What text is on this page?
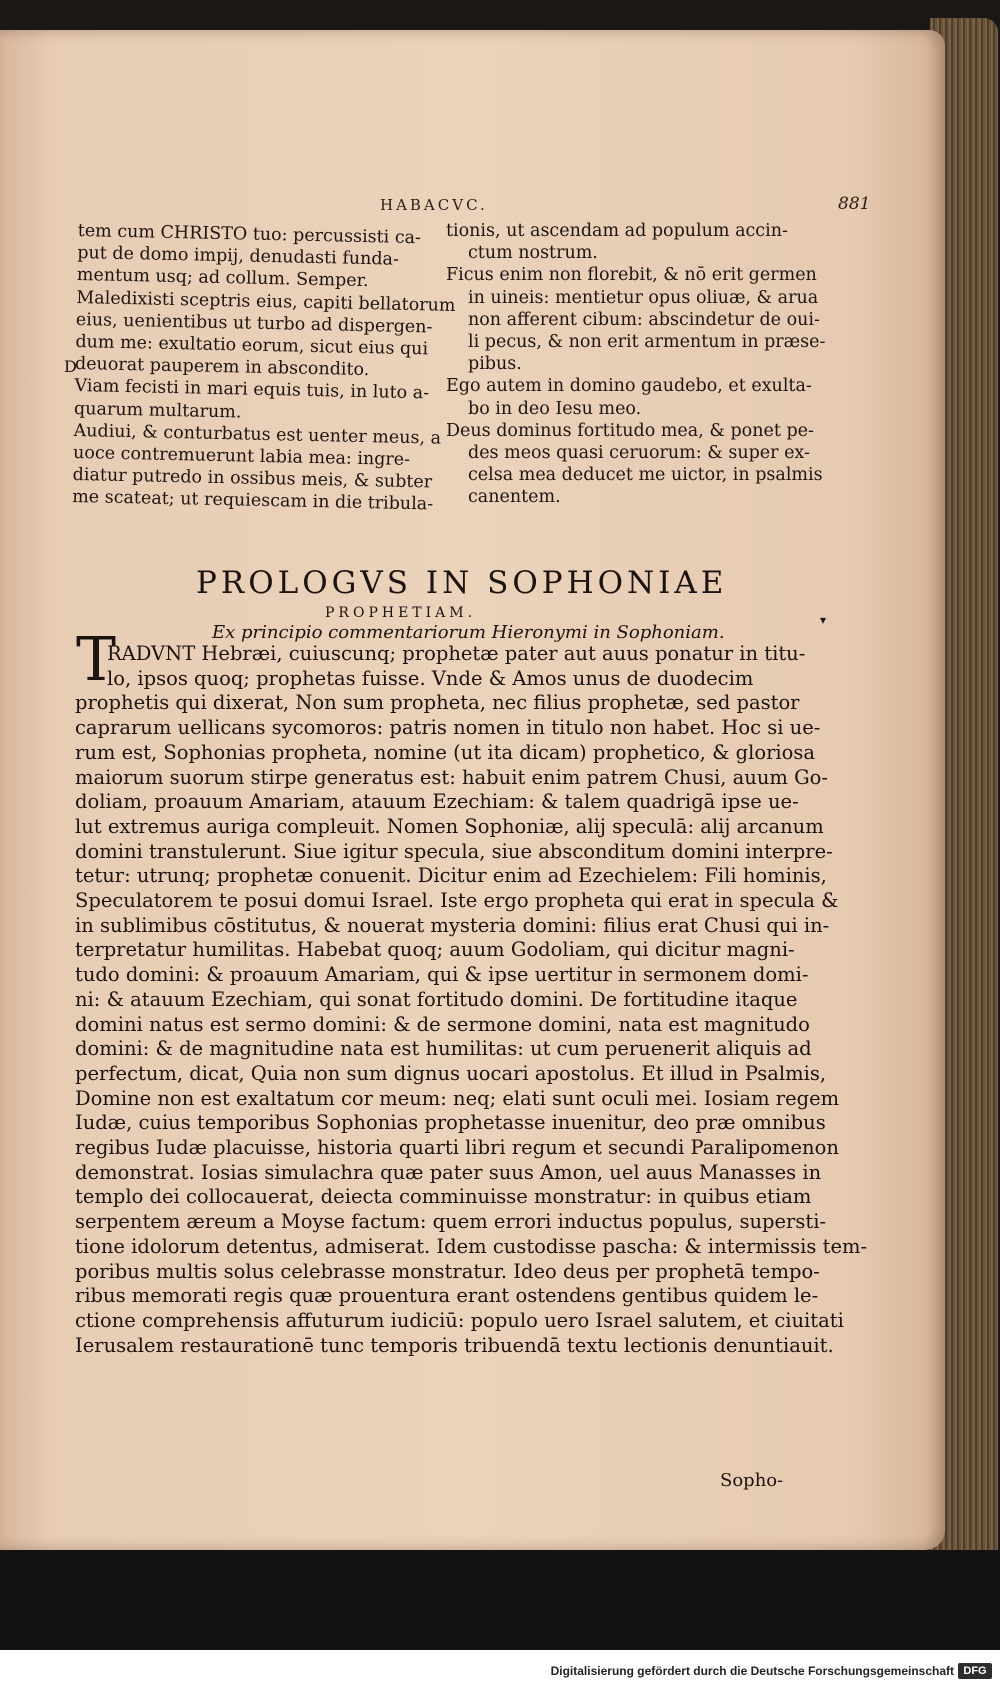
HABACVC.	881
D
tem cum CHRISTO tuo: percussisti ca-
put de domo impij, denudasti funda-
mentum usq; ad collum. Semper.
Maledixisti sceptris eius, capiti bellatorum
eius, uenientibus ut turbo ad dispergen-
dum me: exultatio eorum, sicut eius qui
deuorat pauperem in abscondito.
Viam fecisti in mari equis tuis, in luto a-
quarum multarum.
Audiui, & conturbatus est uenter meus, a
uoce contremuerunt labia mea: ingre-
diatur putredo in ossibus meis, & subter
me scateat; ut requiescam in die tribula-
tionis, ut ascendam ad populum accin-
ctum nostrum.
Ficus enim non florebit, & nō erit germen
in uineis: mentietur opus oliuæ, & arua
non afferent cibum: abscindetur de oui-
li pecus, & non erit armentum in præse-
pibus.
Ego autem in domino gaudebo, et exulta-
bo in deo Iesu meo.
Deus dominus fortitudo mea, & ponet pe-
des meos quasi ceruorum: & super ex-
celsa mea deducet me uictor, in psalmis
canentem.
PROLOGVS IN SOPHONIAE
PROPHETIAM.
Ex principio commentariorum Hieronymi in Sophoniam.
▾
T
RADVNT Hebræi, cuiuscunq; prophetæ pater aut auus ponatur in titu-
lo, ipsos quoq; prophetas fuisse. Vnde & Amos unus de duodecim
prophetis qui dixerat, Non sum propheta, nec filius prophetæ, sed pastor
caprarum uellicans sycomoros: patris nomen in titulo non habet. Hoc si ue-
rum est, Sophonias propheta, nomine (ut ita dicam) prophetico, & gloriosa
maiorum suorum stirpe generatus est: habuit enim patrem Chusi, auum Go-
doliam, proauum Amariam, atauum Ezechiam: & talem quadrigā ipse ue-
lut extremus auriga compleuit. Nomen Sophoniæ, alij speculā: alij arcanum
domini transtulerunt. Siue igitur specula, siue absconditum domini interpre-
tetur: utrunq; prophetæ conuenit. Dicitur enim ad Ezechielem: Fili hominis,
Speculatorem te posui domui Israel. Iste ergo propheta qui erat in specula &
in sublimibus cōstitutus, & nouerat mysteria domini: filius erat Chusi qui in-
terpretatur humilitas. Habebat quoq; auum Godoliam, qui dicitur magni-
tudo domini: & proauum Amariam, qui & ipse uertitur in sermonem domi-
ni: & atauum Ezechiam, qui sonat fortitudo domini. De fortitudine itaque
domini natus est sermo domini: & de sermone domini, nata est magnitudo
domini: & de magnitudine nata est humilitas: ut cum peruenerit aliquis ad
perfectum, dicat, Quia non sum dignus uocari apostolus. Et illud in Psalmis,
Domine non est exaltatum cor meum: neq; elati sunt oculi mei. Iosiam regem
Iudæ, cuius temporibus Sophonias prophetasse inuenitur, deo præ omnibus
regibus Iudæ placuisse, historia quarti libri regum et secundi Paralipomenon
demonstrat. Iosias simulachra quæ pater suus Amon, uel auus Manasses in
templo dei collocauerat, deiecta comminuisse monstratur: in quibus etiam
serpentem æreum a Moyse factum: quem errori inductus populus, supersti-
tione idolorum detentus, admiserat. Idem custodisse pascha: & intermissis tem-
poribus multis solus celebrasse monstratur. Ideo deus per prophetā tempo-
ribus memorati regis quæ prouentura erant ostendens gentibus quidem le-
ctione comprehensis affuturum iudiciū: populo uero Israel salutem, et ciuitati
Ierusalem restaurationē tunc temporis tribuendā textu lectionis denuntiauit.
Sopho-
Digitalisierung gefördert durch die Deutsche Forschungsgemeinschaft DFG
